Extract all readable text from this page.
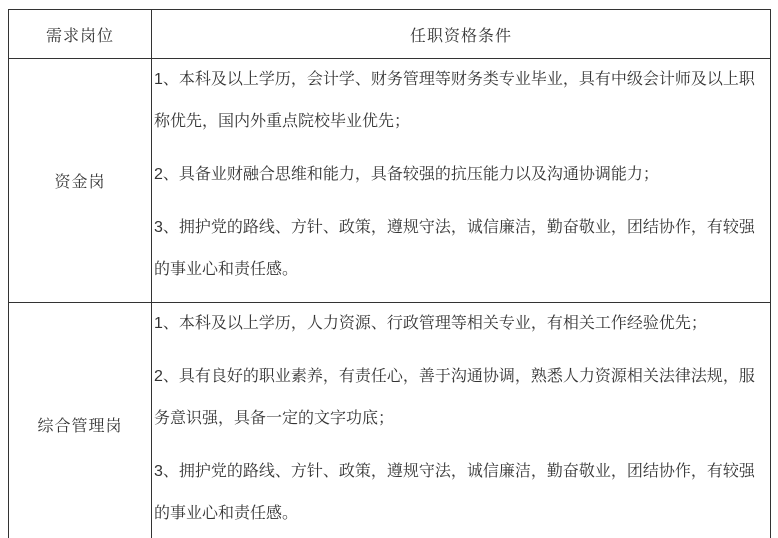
需求岗位	任职资格条件
资金岗	1、本科及以上学历，会计学、财务管理等财务类专业毕业，具有中级会计师及以上职称优先，国内外重点院校毕业优先；

2、具备业财融合思维和能力，具备较强的抗压能力以及沟通协调能力；

3、拥护党的路线、方针、政策，遵规守法，诚信廉洁，勤奋敬业，团结协作，有较强的事业心和责任感。

综合管理岗	1、本科及以上学历，人力资源、行政管理等相关专业，有相关工作经验优先；

2、具有良好的职业素养，有责任心，善于沟通协调，熟悉人力资源相关法律法规，服务意识强，具备一定的文字功底；

3、拥护党的路线、方针、政策，遵规守法，诚信廉洁，勤奋敬业，团结协作，有较强的事业心和责任感。
